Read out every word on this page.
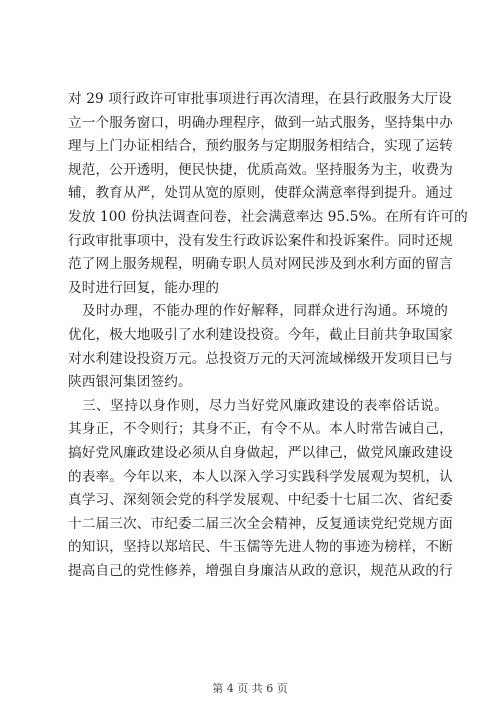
对 29 项行政许可审批事项进行再次清理，在县行政服务大厅设
立一个服务窗口，明确办理程序，做到一站式服务，坚持集中办
理与上门办证相结合，预约服务与定期服务相结合，实现了运转
规范，公开透明，便民快捷，优质高效。坚持服务为主，收费为
辅，教育从严，处罚从宽的原则，使群众满意率得到提升。通过
发放 100 份执法调查问卷，社会满意率达 95.5%。在所有许可的
行政审批事项中，没有发生行政诉讼案件和投诉案件。同时还规
范了网上服务规程，明确专职人员对网民涉及到水利方面的留言
及时进行回复，能办理的
及时办理，不能办理的作好解释，同群众进行沟通。环境的
优化，极大地吸引了水利建设投资。今年，截止目前共争取国家
对水利建设投资万元。总投资万元的天河流域梯级开发项目已与
陕西银河集团签约。
三、坚持以身作则，尽力当好党风廉政建设的表率俗话说。
其身正，不令则行；其身不正，有令不从。本人时常告诫自己，
搞好党风廉政建设必须从自身做起，严以律己，做党风廉政建设
的表率。今年以来，本人以深入学习实践科学发展观为契机，认
真学习、深刻领会党的科学发展观、中纪委十七届二次、省纪委
十二届三次、市纪委二届三次全会精神，反复通读党纪党规方面
的知识，坚持以郑培民、牛玉儒等先进人物的事迹为榜样，不断
提高自己的党性修养，增强自身廉洁从政的意识，规范从政的行
第 4 页 共 6 页
